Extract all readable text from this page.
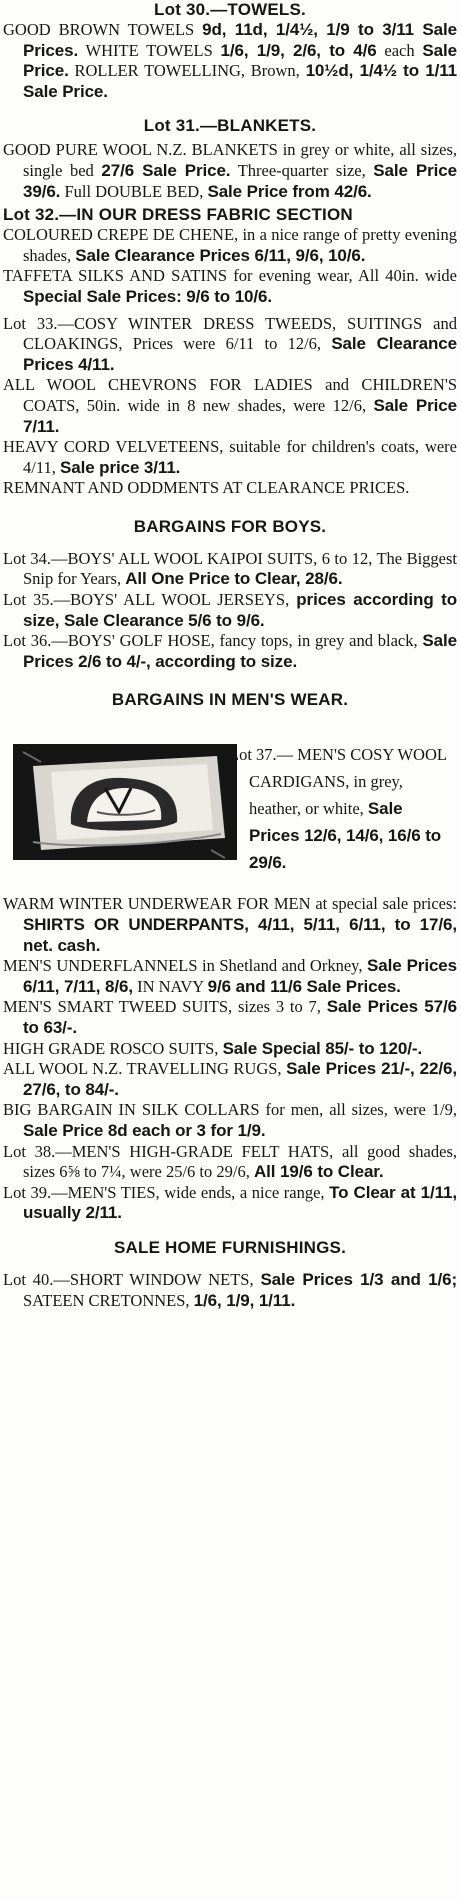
Lot 30.—TOWELS.

GOOD BROWN TOWELS 9d, 11d, 1/4½, 1/9 to 3/11 Sale Prices. WHITE TOWELS 1/6, 1/9, 2/6, to 4/6 each Sale Price. ROLLER TOWELLING, Brown, 10½d, 1/4½ to 1/11 Sale Price.

Lot 31.—BLANKETS.

GOOD PURE WOOL N.Z. BLANKETS in grey or white, all sizes, single bed 27/6 Sale Price. Three-quarter size, Sale Price 39/6. Full DOUBLE BED, Sale Price from 42/6.

Lot 32.—IN OUR DRESS FABRIC SECTION

COLOURED CREPE DE CHENE, in a nice range of pretty evening shades, Sale Clearance Prices 6/11, 9/6, 10/6.

TAFFETA SILKS AND SATINS for evening wear, All 40in. wide Special Sale Prices: 9/6 to 10/6.

Lot 33.—COSY WINTER DRESS TWEEDS, SUITINGS and CLOAKINGS, Prices were 6/11 to 12/6, Sale Clearance Prices 4/11.

ALL WOOL CHEVRONS FOR LADIES and CHILDREN'S COATS, 50in. wide in 8 new shades, were 12/6, Sale Price 7/11.

HEAVY CORD VELVETEENS, suitable for children's coats, were 4/11, Sale price 3/11.

REMNANT AND ODDMENTS AT CLEARANCE PRICES.

BARGAINS FOR BOYS.

Lot 34.—BOYS' ALL WOOL KAIPOI SUITS, 6 to 12, The Biggest Snip for Years, All One Price to Clear, 28/6.

Lot 35.—BOYS' ALL WOOL JERSEYS, prices according to size, Sale Clearance 5/6 to 9/6.

Lot 36.—BOYS' GOLF HOSE, fancy tops, in grey and black, Sale Prices 2/6 to 4/-, according to size.

BARGAINS IN MEN'S WEAR.

Lot 37.— MEN'S COSY WOOL CARDIGANS, in grey, heather, or white, Sale Prices 12/6, 14/6, 16/6 to 29/6.

WARM WINTER UNDERWEAR FOR MEN at special sale prices: SHIRTS OR UNDERPANTS, 4/11, 5/11, 6/11, to 17/6, net. cash.

MEN'S UNDERFLANNELS in Shetland and Orkney, Sale Prices 6/11, 7/11, 8/6, IN NAVY 9/6 and 11/6 Sale Prices.

MEN'S SMART TWEED SUITS, sizes 3 to 7, Sale Prices 57/6 to 63/-.

HIGH GRADE ROSCO SUITS, Sale Special 85/- to 120/-.

ALL WOOL N.Z. TRAVELLING RUGS, Sale Prices 21/-, 22/6, 27/6, to 84/-.

BIG BARGAIN IN SILK COLLARS for men, all sizes, were 1/9, Sale Price 8d each or 3 for 1/9.

Lot 38.—MEN'S HIGH-GRADE FELT HATS, all good shades, sizes 6⅝ to 7¼, were 25/6 to 29/6, All 19/6 to Clear.

Lot 39.—MEN'S TIES, wide ends, a nice range, To Clear at 1/11, usually 2/11.

SALE HOME FURNISHINGS.

Lot 40.—SHORT WINDOW NETS, Sale Prices 1/3 and 1/6; SATEEN CRETONNES, 1/6, 1/9, 1/11.
